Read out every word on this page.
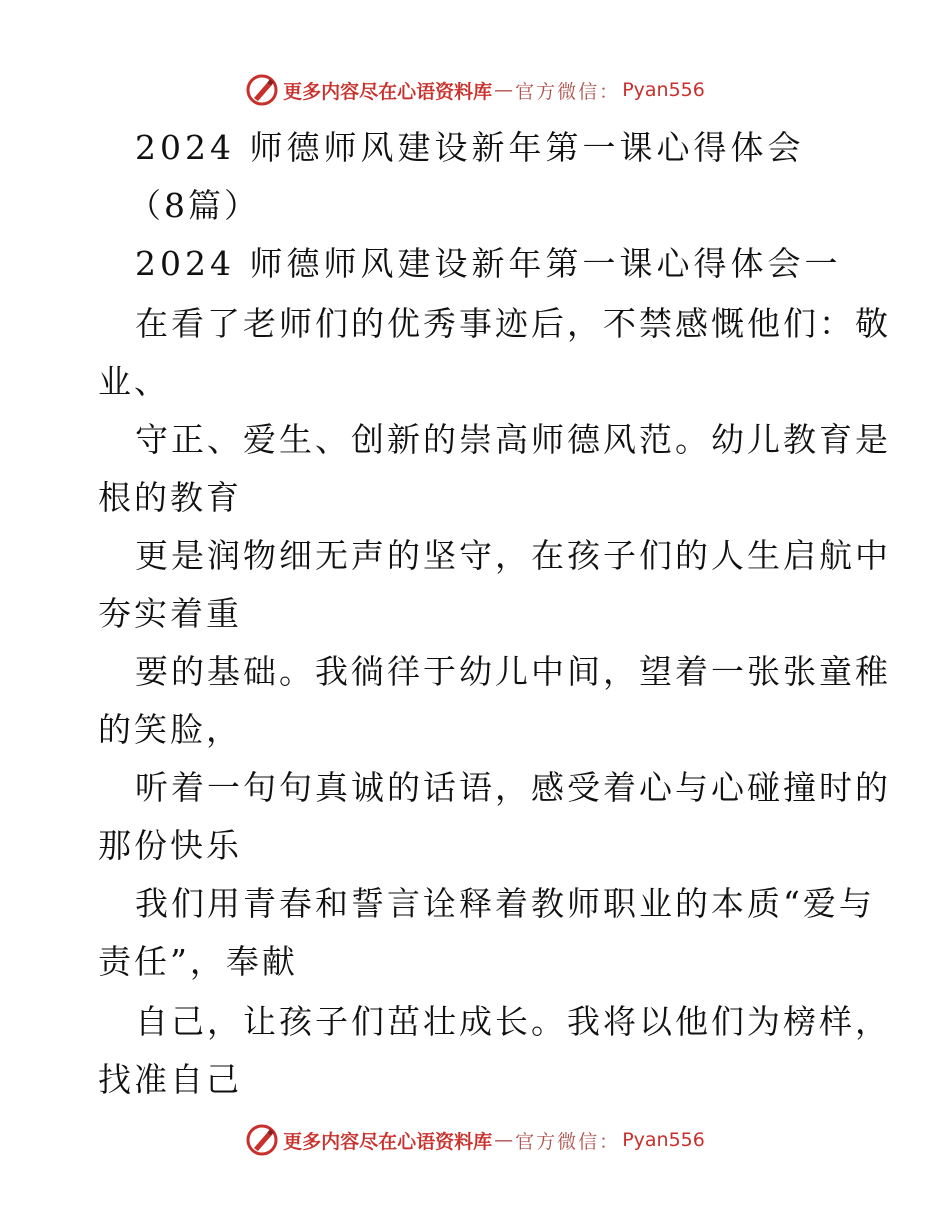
更多内容尽在心语资料库 — 官方微信： Pyan556
2024 师德师风建设新年第一课心得体会
（8篇）
2024 师德师风建设新年第一课心得体会一
在看了老师们的优秀事迹后，不禁感慨他们：敬
业、
守正、爱生、创新的崇高师德风范。幼儿教育是
根的教育
更是润物细无声的坚守，在孩子们的人生启航中
夯实着重
要的基础。我徜徉于幼儿中间，望着一张张童稚
的笑脸，
听着一句句真诚的话语，感受着心与心碰撞时的
那份快乐
我们用青春和誓言诠释着教师职业的本质“爱与
责任”，奉献
自己，让孩子们茁壮成长。我将以他们为榜样，
找准自己
更多内容尽在心语资料库 — 官方微信： Pyan556
